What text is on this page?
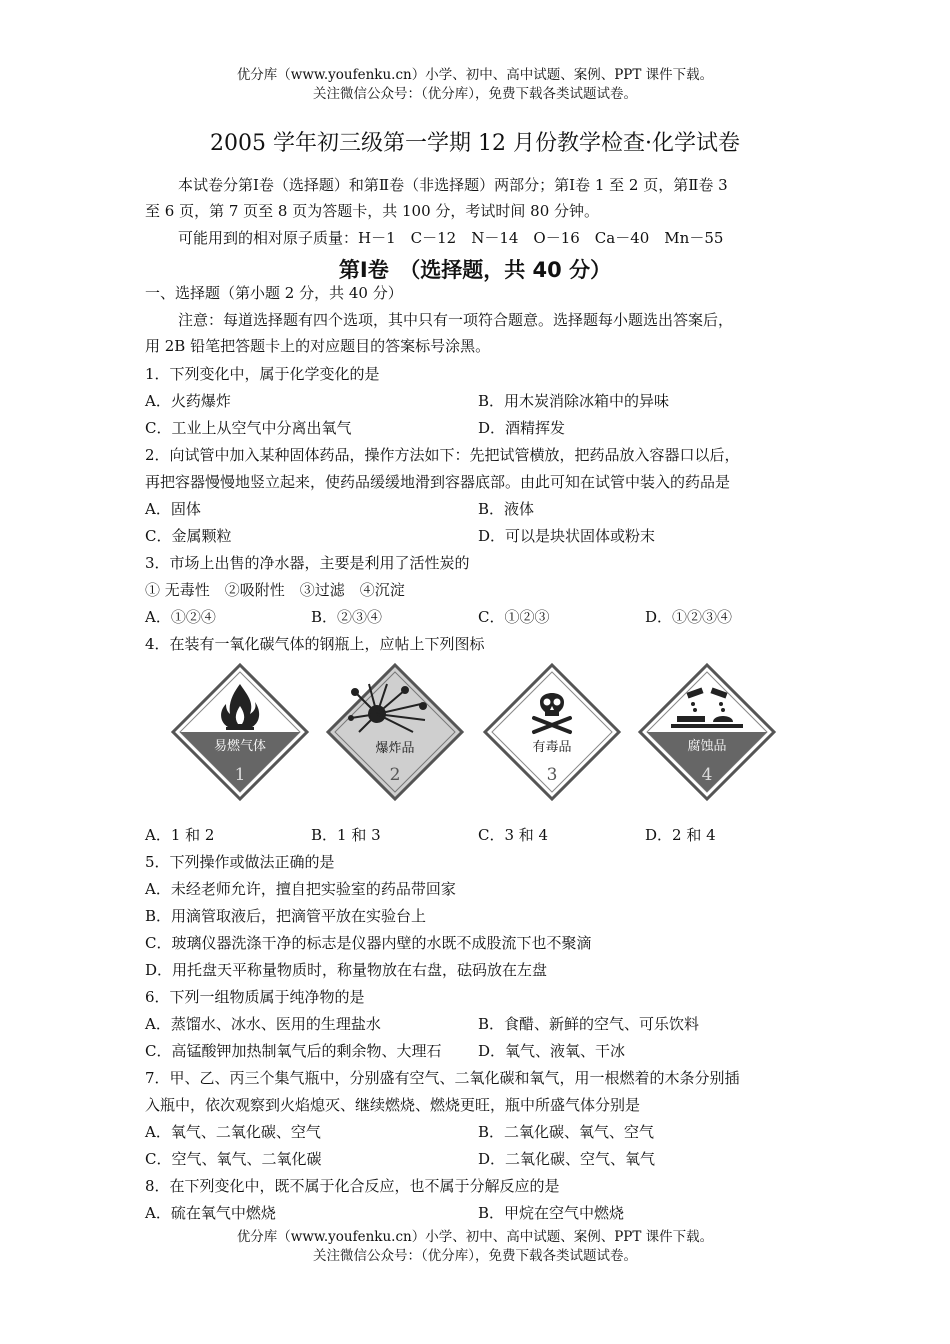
优分库（www.youfenku.cn）小学、初中、高中试题、案例、PPT 课件下载。
关注微信公众号：（优分库），免费下载各类试题试卷。
2005 学年初三级第一学期 12 月份教学检查·化学试卷
本试卷分第Ⅰ卷（选择题）和第Ⅱ卷（非选择题）两部分；第Ⅰ卷 1 至 2 页，第Ⅱ卷 3
至 6 页，第 7 页至 8 页为答题卡，共 100 分，考试时间 80 分钟。
可能用到的相对原子质量：H－1　C－12　N－14　O－16　Ca－40　Mn－55
第Ⅰ卷　（选择题，共 40 分）
一、选择题（第小题 2 分，共 40 分）
注意：每道选择题有四个选项，其中只有一项符合题意。选择题每小题选出答案后，
用 2B 铅笔把答题卡上的对应题目的答案标号涂黑。
1．下列变化中，属于化学变化的是
A．火药爆炸	B．用木炭消除冰箱中的异味
C．工业上从空气中分离出氧气	D．酒精挥发
2．向试管中加入某种固体药品，操作方法如下：先把试管横放，把药品放入容器口以后，
再把容器慢慢地竖立起来，使药品缓缓地滑到容器底部。由此可知在试管中装入的药品是
A．固体	B．液体
C．金属颗粒	D．可以是块状固体或粉末
3．市场上出售的净水器，主要是利用了活性炭的
① 无毒性　②吸附性　③过滤　④沉淀
A．①②④	B．②③④	C．①②③	D．①②③④
4．在装有一氧化碳气体的钢瓶上，应帖上下列图标
易燃气体
1
爆炸品
2
有毒品
3
腐蚀品
4
A．1 和 2	B．1 和 3	C．3 和 4	D．2 和 4
5．下列操作或做法正确的是
A．未经老师允许，擅自把实验室的药品带回家
B．用滴管取液后，把滴管平放在实验台上
C．玻璃仪器洗涤干净的标志是仪器内壁的水既不成股流下也不聚滴
D．用托盘天平称量物质时，称量物放在右盘，砝码放在左盘
6．下列一组物质属于纯净物的是
A．蒸馏水、冰水、医用的生理盐水	B．食醋、新鲜的空气、可乐饮料
C．高锰酸钾加热制氧气后的剩余物、大理石 D．氧气、液氧、干冰
7．甲、乙、丙三个集气瓶中，分别盛有空气、二氧化碳和氧气，用一根燃着的木条分别插
入瓶中，依次观察到火焰熄灭、继续燃烧、燃烧更旺，瓶中所盛气体分别是
A．氧气、二氧化碳、空气	B．二氧化碳、氧气、空气
C．空气、氧气、二氧化碳	D．二氧化碳、空气、氧气
8．在下列变化中，既不属于化合反应，也不属于分解反应的是
A．硫在氧气中燃烧	B．甲烷在空气中燃烧
优分库（www.youfenku.cn）小学、初中、高中试题、案例、PPT 课件下载。
关注微信公众号：（优分库），免费下载各类试题试卷。
